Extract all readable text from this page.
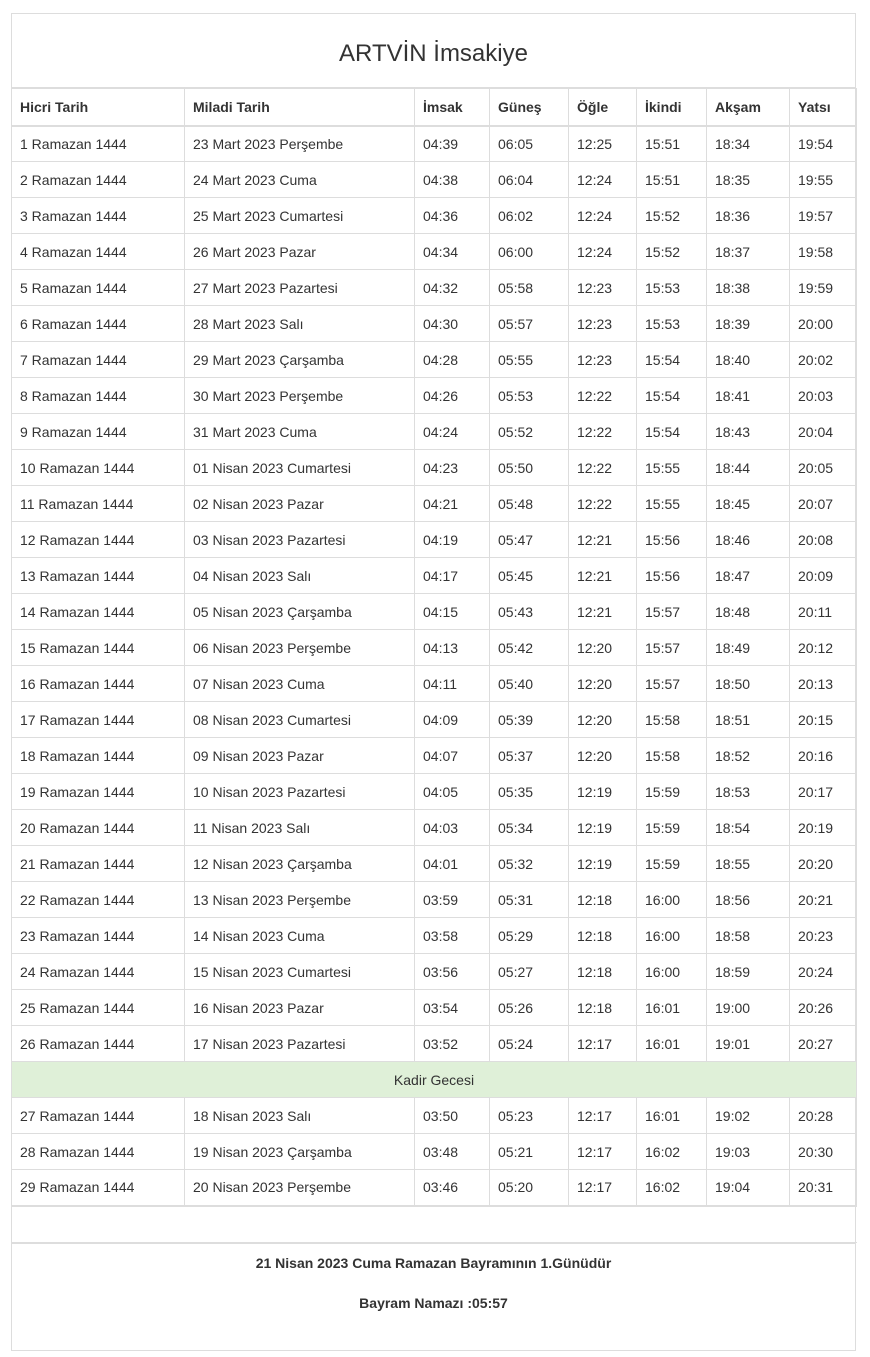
ARTVİN İmsakiye
Hicri Tarih	Miladi Tarih	İmsak	Güneş	Öğle	İkindi	Akşam	Yatsı
1 Ramazan 1444	23 Mart 2023 Perşembe	04:39	06:05	12:25	15:51	18:34	19:54
2 Ramazan 1444	24 Mart 2023 Cuma	04:38	06:04	12:24	15:51	18:35	19:55
3 Ramazan 1444	25 Mart 2023 Cumartesi	04:36	06:02	12:24	15:52	18:36	19:57
4 Ramazan 1444	26 Mart 2023 Pazar	04:34	06:00	12:24	15:52	18:37	19:58
5 Ramazan 1444	27 Mart 2023 Pazartesi	04:32	05:58	12:23	15:53	18:38	19:59
6 Ramazan 1444	28 Mart 2023 Salı	04:30	05:57	12:23	15:53	18:39	20:00
7 Ramazan 1444	29 Mart 2023 Çarşamba	04:28	05:55	12:23	15:54	18:40	20:02
8 Ramazan 1444	30 Mart 2023 Perşembe	04:26	05:53	12:22	15:54	18:41	20:03
9 Ramazan 1444	31 Mart 2023 Cuma	04:24	05:52	12:22	15:54	18:43	20:04
10 Ramazan 1444	01 Nisan 2023 Cumartesi	04:23	05:50	12:22	15:55	18:44	20:05
11 Ramazan 1444	02 Nisan 2023 Pazar	04:21	05:48	12:22	15:55	18:45	20:07
12 Ramazan 1444	03 Nisan 2023 Pazartesi	04:19	05:47	12:21	15:56	18:46	20:08
13 Ramazan 1444	04 Nisan 2023 Salı	04:17	05:45	12:21	15:56	18:47	20:09
14 Ramazan 1444	05 Nisan 2023 Çarşamba	04:15	05:43	12:21	15:57	18:48	20:11
15 Ramazan 1444	06 Nisan 2023 Perşembe	04:13	05:42	12:20	15:57	18:49	20:12
16 Ramazan 1444	07 Nisan 2023 Cuma	04:11	05:40	12:20	15:57	18:50	20:13
17 Ramazan 1444	08 Nisan 2023 Cumartesi	04:09	05:39	12:20	15:58	18:51	20:15
18 Ramazan 1444	09 Nisan 2023 Pazar	04:07	05:37	12:20	15:58	18:52	20:16
19 Ramazan 1444	10 Nisan 2023 Pazartesi	04:05	05:35	12:19	15:59	18:53	20:17
20 Ramazan 1444	11 Nisan 2023 Salı	04:03	05:34	12:19	15:59	18:54	20:19
21 Ramazan 1444	12 Nisan 2023 Çarşamba	04:01	05:32	12:19	15:59	18:55	20:20
22 Ramazan 1444	13 Nisan 2023 Perşembe	03:59	05:31	12:18	16:00	18:56	20:21
23 Ramazan 1444	14 Nisan 2023 Cuma	03:58	05:29	12:18	16:00	18:58	20:23
24 Ramazan 1444	15 Nisan 2023 Cumartesi	03:56	05:27	12:18	16:00	18:59	20:24
25 Ramazan 1444	16 Nisan 2023 Pazar	03:54	05:26	12:18	16:01	19:00	20:26
26 Ramazan 1444	17 Nisan 2023 Pazartesi	03:52	05:24	12:17	16:01	19:01	20:27
Kadir Gecesi							
27 Ramazan 1444	18 Nisan 2023 Salı	03:50	05:23	12:17	16:01	19:02	20:28
28 Ramazan 1444	19 Nisan 2023 Çarşamba	03:48	05:21	12:17	16:02	19:03	20:30
29 Ramazan 1444	20 Nisan 2023 Perşembe	03:46	05:20	12:17	16:02	19:04	20:31

21 Nisan 2023 Cuma Ramazan Bayramının 1.Günüdür
Bayram Namazı :05:57
